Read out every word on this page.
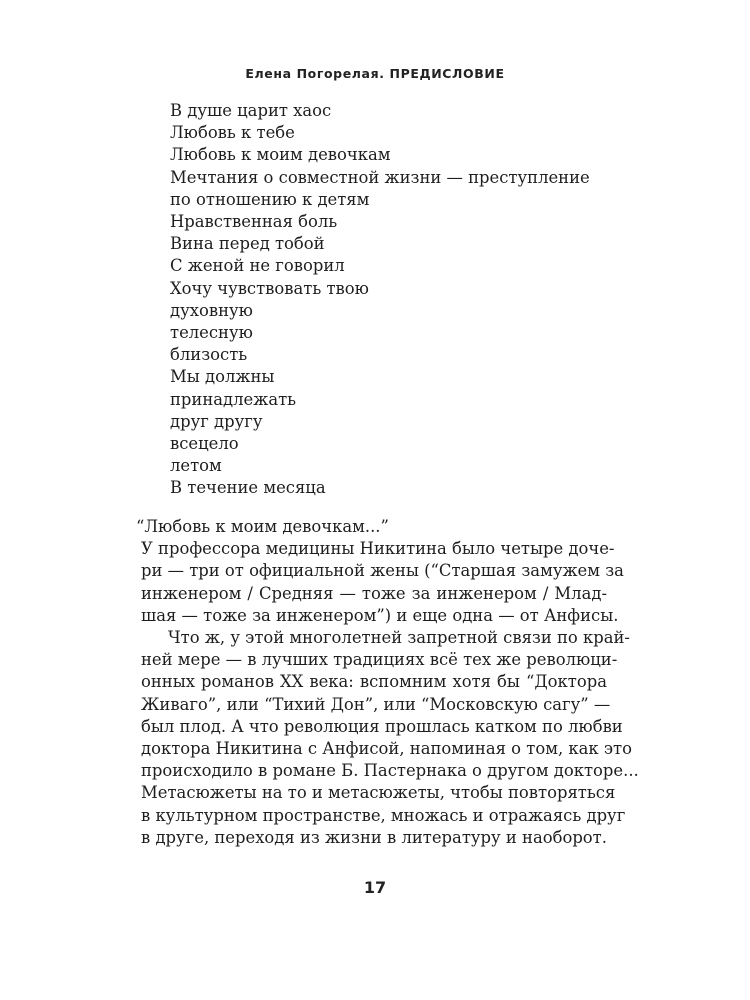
Елена Погорелая. ПРЕДИСЛОВИЕ
В душе царит хаос
Любовь к тебе
Любовь к моим девочкам
Мечтания о совместной жизни — преступление
по отношению к детям
Нравственная боль
Вина перед тобой
С женой не говорил
Хочу чувствовать твою
духовную
телесную
близость
Мы должны
принадлежать
друг другу
всецело
летом
В течение месяца
“Любовь к моим девочкам...”
У профессора медицины Никитина было четыре доче-
ри — три от официальной жены (“Старшая замужем за
инженером / Средняя — тоже за инженером / Млад-
шая — тоже за инженером”) и еще одна — от Анфисы.
Что ж, у этой многолетней запретной связи по край-
ней мере — в лучших традициях всё тех же революци-
онных романов XX века: вспомним хотя бы “Доктора
Живаго”, или “Тихий Дон”, или “Московскую сагу” —
был плод. А что революция прошлась катком по любви
доктора Никитина с Анфисой, напоминая о том, как это
происходило в романе Б. Пастернака о другом докторе...
Метасюжеты на то и метасюжеты, чтобы повторяться
в культурном пространстве, множась и отражаясь друг
в друге, переходя из жизни в литературу и наоборот.
17
